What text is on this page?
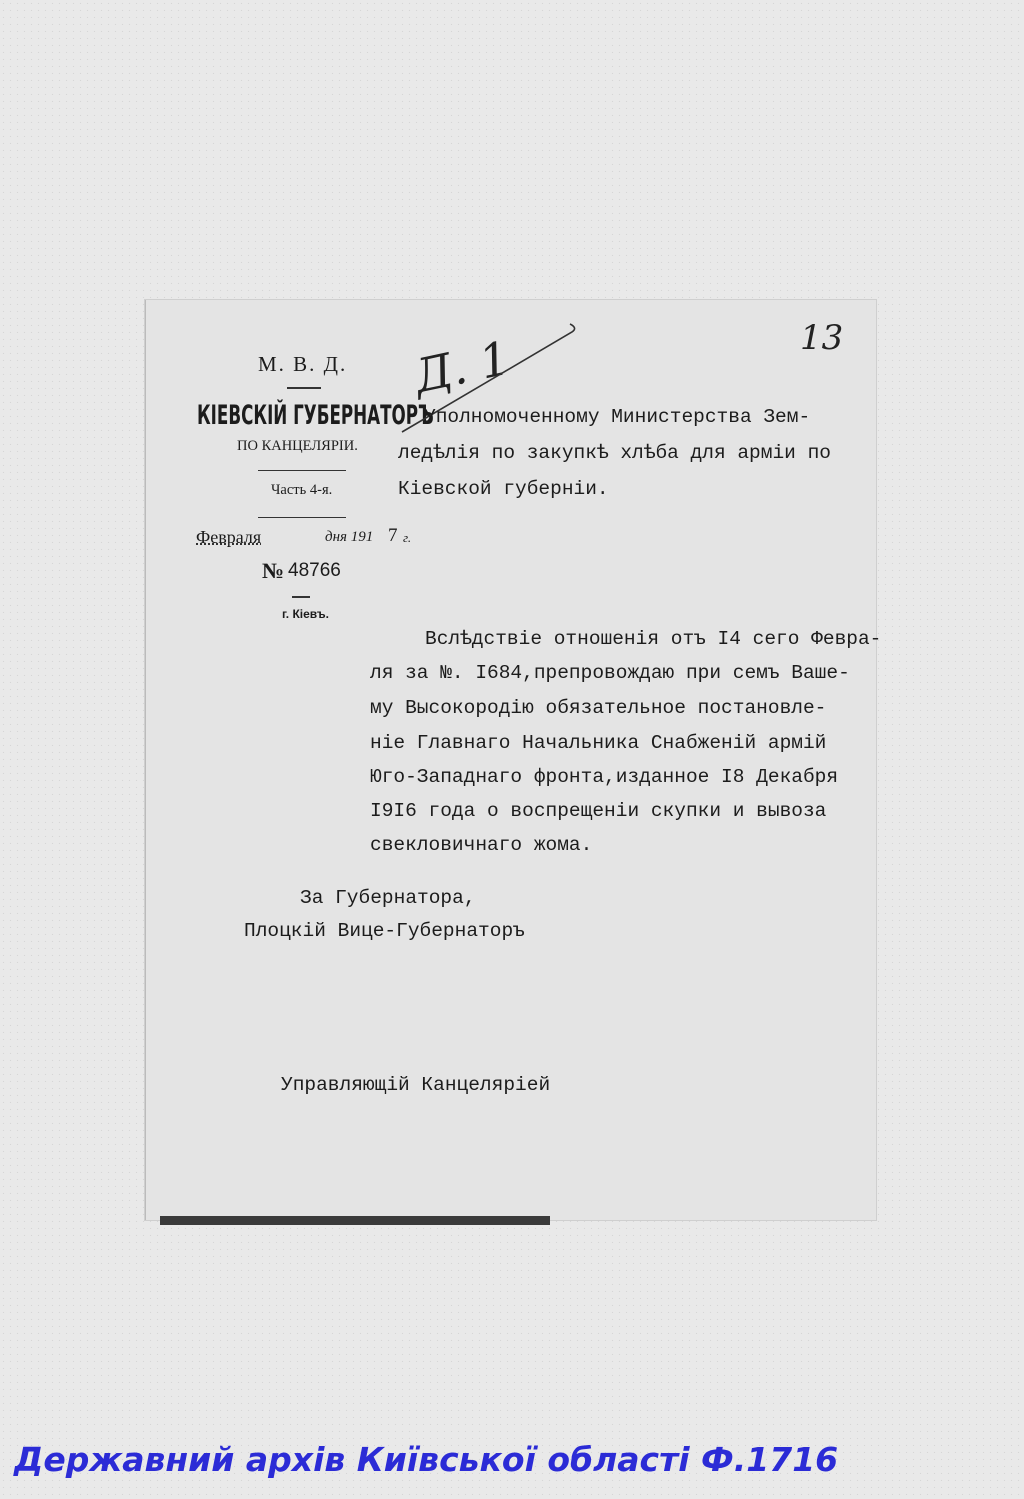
М. В. Д.
КІЕВСКІЙ ГУБЕРНАТОРЪ
ПО КАНЦЕЛЯРІИ.
Часть 4-я.
Февраля	дня 191 7 г.
№ 48766
г. Кіевъ.
Д. 1	13
Уполномоченному Министерства Зем-
ледѣлія по закупкѣ хлѣба для арміи по
Кіевской губерніи.
Вслѣдствіе отношенія отъ I4 сего Февра-
ля за №. I684,препровождаю при семъ Ваше-
му Высокородію обязательное постановле-
ніе Главнаго Начальника Снабженій армій
Юго-Западнаго фронта,изданное I8 Декабря
I9I6 года о воспрещеніи скупки и вывоза
свекловичнаго жома.
За Губернатора,
Плоцкій Вице-Губернаторъ
Управляющій Канцеляріей
Державний архів Київської області Ф.1716
